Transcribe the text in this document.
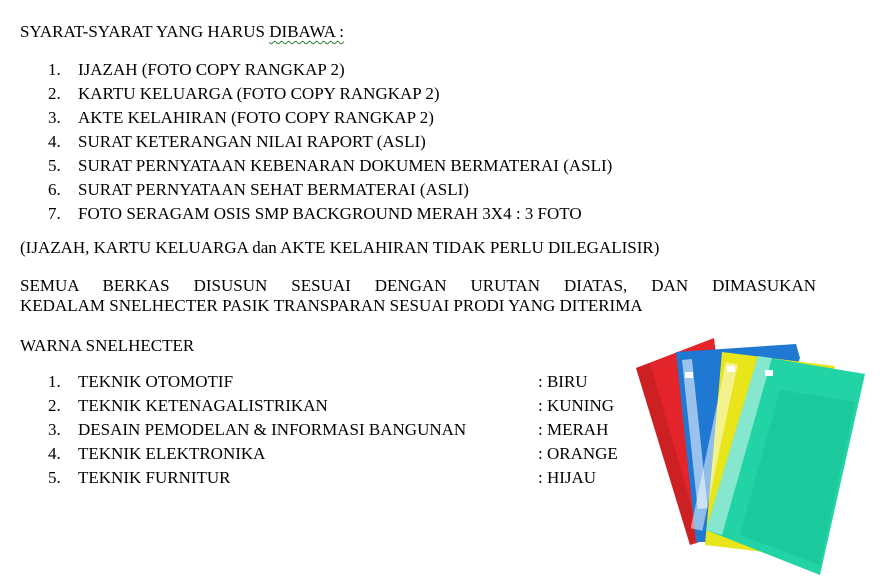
SYARAT-SYARAT YANG HARUS DIBAWA :
1. IJAZAH (FOTO COPY RANGKAP 2)
2. KARTU KELUARGA (FOTO COPY RANGKAP 2)
3. AKTE KELAHIRAN (FOTO COPY RANGKAP 2)
4. SURAT KETERANGAN NILAI RAPORT (ASLI)
5. SURAT PERNYATAAN KEBENARAN DOKUMEN BERMATERAI (ASLI)
6. SURAT PERNYATAAN SEHAT BERMATERAI (ASLI)
7. FOTO SERAGAM OSIS SMP BACKGROUND MERAH 3X4 : 3 FOTO
(IJAZAH, KARTU KELUARGA dan AKTE KELAHIRAN TIDAK PERLU DILEGALISIR)
SEMUA BERKAS DISUSUN SESUAI DENGAN URUTAN DIATAS, DAN DIMASUKAN
KEDALAM SNELHECTER PASIK TRANSPARAN SESUAI PRODI YANG DITERIMA
WARNA SNELHECTER
1. TEKNIK OTOMOTIF	: BIRU
2. TEKNIK KETENAGALISTRIKAN	: KUNING
3. DESAIN PEMODELAN & INFORMASI BANGUNAN	: MERAH
4. TEKNIK ELEKTRONIKA	: ORANGE
5. TEKNIK FURNITUR	: HIJAU
